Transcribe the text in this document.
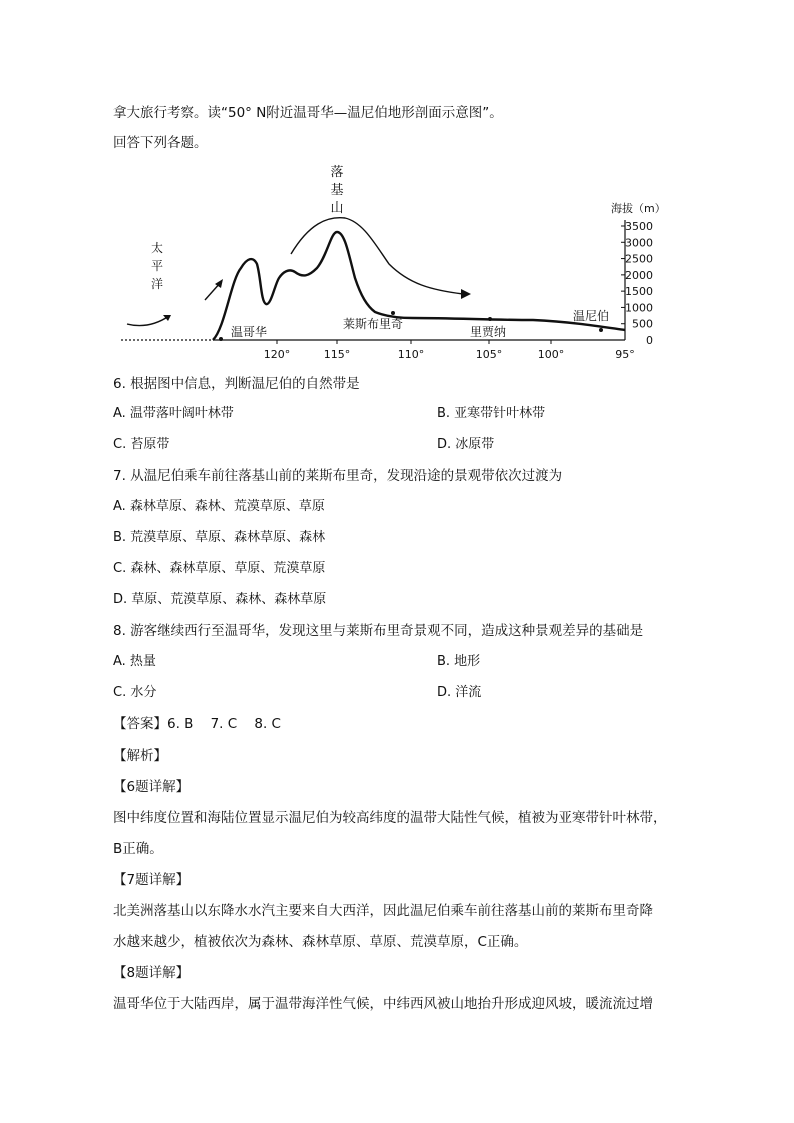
拿大旅行考察。读“50° N附近温哥华—温尼伯地形剖面示意图”。
回答下列各题。
落
基
山
太
平
洋
温哥华
莱斯布里奇
里贾纳
温尼伯
120°	115°	110°	105°	100°	95°
海拔（m）
3500
3000
2500
2000
1500
1000
500
0
6. 根据图中信息，判断温尼伯的自然带是
A. 温带落叶阔叶林带	B. 亚寒带针叶林带
C. 苔原带	D. 冰原带
7. 从温尼伯乘车前往落基山前的莱斯布里奇，发现沿途的景观带依次过渡为
A. 森林草原、森林、荒漠草原、草原
B. 荒漠草原、草原、森林草原、森林
C. 森林、森林草原、草原、荒漠草原
D. 草原、荒漠草原、森林、森林草原
8. 游客继续西行至温哥华，发现这里与莱斯布里奇景观不同，造成这种景观差异的基础是
A. 热量	B. 地形
C. 水分	D. 洋流
【答案】6. B    7. C    8. C
【解析】
【6题详解】
图中纬度位置和海陆位置显示温尼伯为较高纬度的温带大陆性气候，植被为亚寒带针叶林带，
B正确。
【7题详解】
北美洲落基山以东降水水汽主要来自大西洋，因此温尼伯乘车前往落基山前的莱斯布里奇降
水越来越少，植被依次为森林、森林草原、草原、荒漠草原，C正确。
【8题详解】
温哥华位于大陆西岸，属于温带海洋性气候，中纬西风被山地抬升形成迎风坡，暖流流过增
